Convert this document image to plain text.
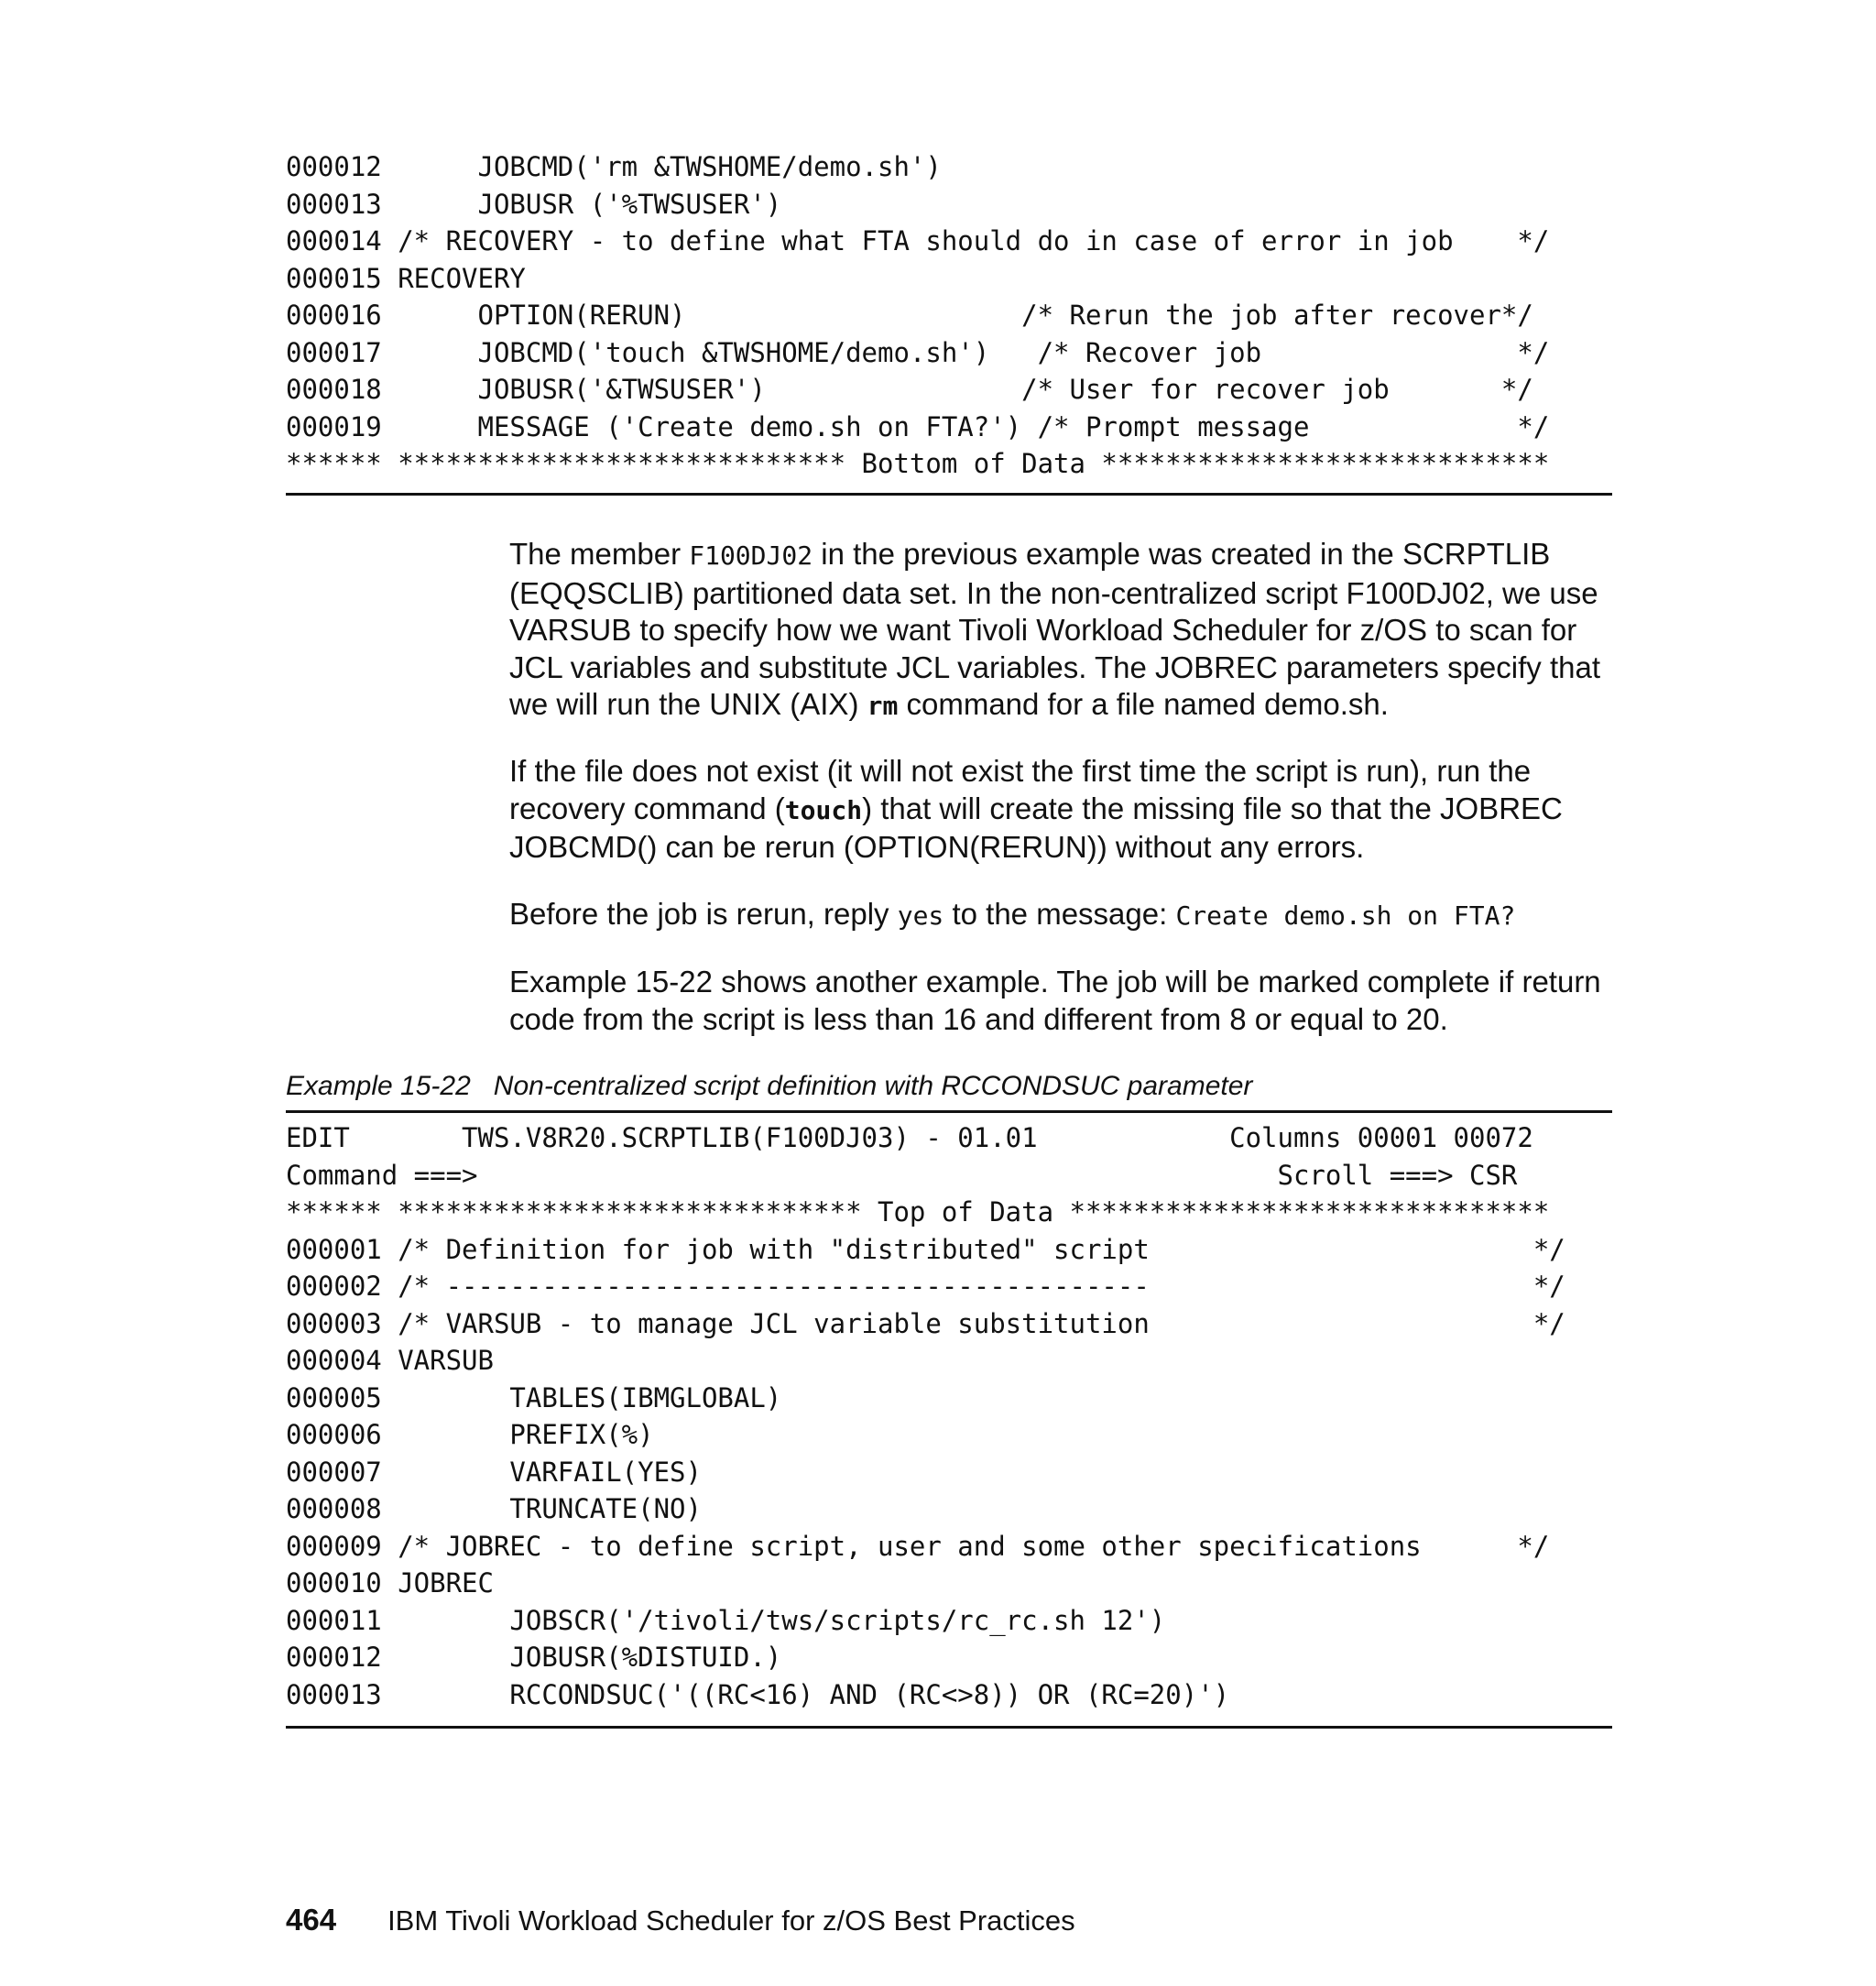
000012      JOBCMD('rm &TWSHOME/demo.sh')
000013      JOBUSR ('%TWSUSER')
000014 /* RECOVERY - to define what FTA should do in case of error in job    */
000015 RECOVERY
000016      OPTION(RERUN)                     /* Rerun the job after recover*/
000017      JOBCMD('touch &TWSHOME/demo.sh')   /* Recover job                */
000018      JOBUSR('&TWSUSER')                /* User for recover job       */
000019      MESSAGE ('Create demo.sh on FTA?') /* Prompt message             */
****** **************************** Bottom of Data ****************************

The member F100DJ02 in the previous example was created in the SCRPTLIB (EQQSCLIB) partitioned data set. In the non-centralized script F100DJ02, we use VARSUB to specify how we want Tivoli Workload Scheduler for z/OS to scan for JCL variables and substitute JCL variables. The JOBREC parameters specify that we will run the UNIX (AIX) rm command for a file named demo.sh.

If the file does not exist (it will not exist the first time the script is run), run the recovery command (touch) that will create the missing file so that the JOBREC JOBCMD() can be rerun (OPTION(RERUN)) without any errors.

Before the job is rerun, reply yes to the message: Create demo.sh on FTA?

Example 15-22 shows another example. The job will be marked complete if return code from the script is less than 16 and different from 8 or equal to 20.

Example 15-22   Non-centralized script definition with RCCONDSUC parameter

EDIT       TWS.V8R20.SCRPTLIB(F100DJ03) - 01.01            Columns 00001 00072
Command ===>                                                  Scroll ===> CSR
****** ***************************** Top of Data ******************************
000001 /* Definition for job with "distributed" script                        */
000002 /* --------------------------------------------                        */
000003 /* VARSUB - to manage JCL variable substitution                        */
000004 VARSUB
000005        TABLES(IBMGLOBAL)
000006        PREFIX(%)
000007        VARFAIL(YES)
000008        TRUNCATE(NO)
000009 /* JOBREC - to define script, user and some other specifications      */
000010 JOBREC
000011        JOBSCR('/tivoli/tws/scripts/rc_rc.sh 12')
000012        JOBUSR(%DISTUID.)
000013        RCCONDSUC('((RC<16) AND (RC<>8)) OR (RC=20)')
464 IBM Tivoli Workload Scheduler for z/OS Best Practices
